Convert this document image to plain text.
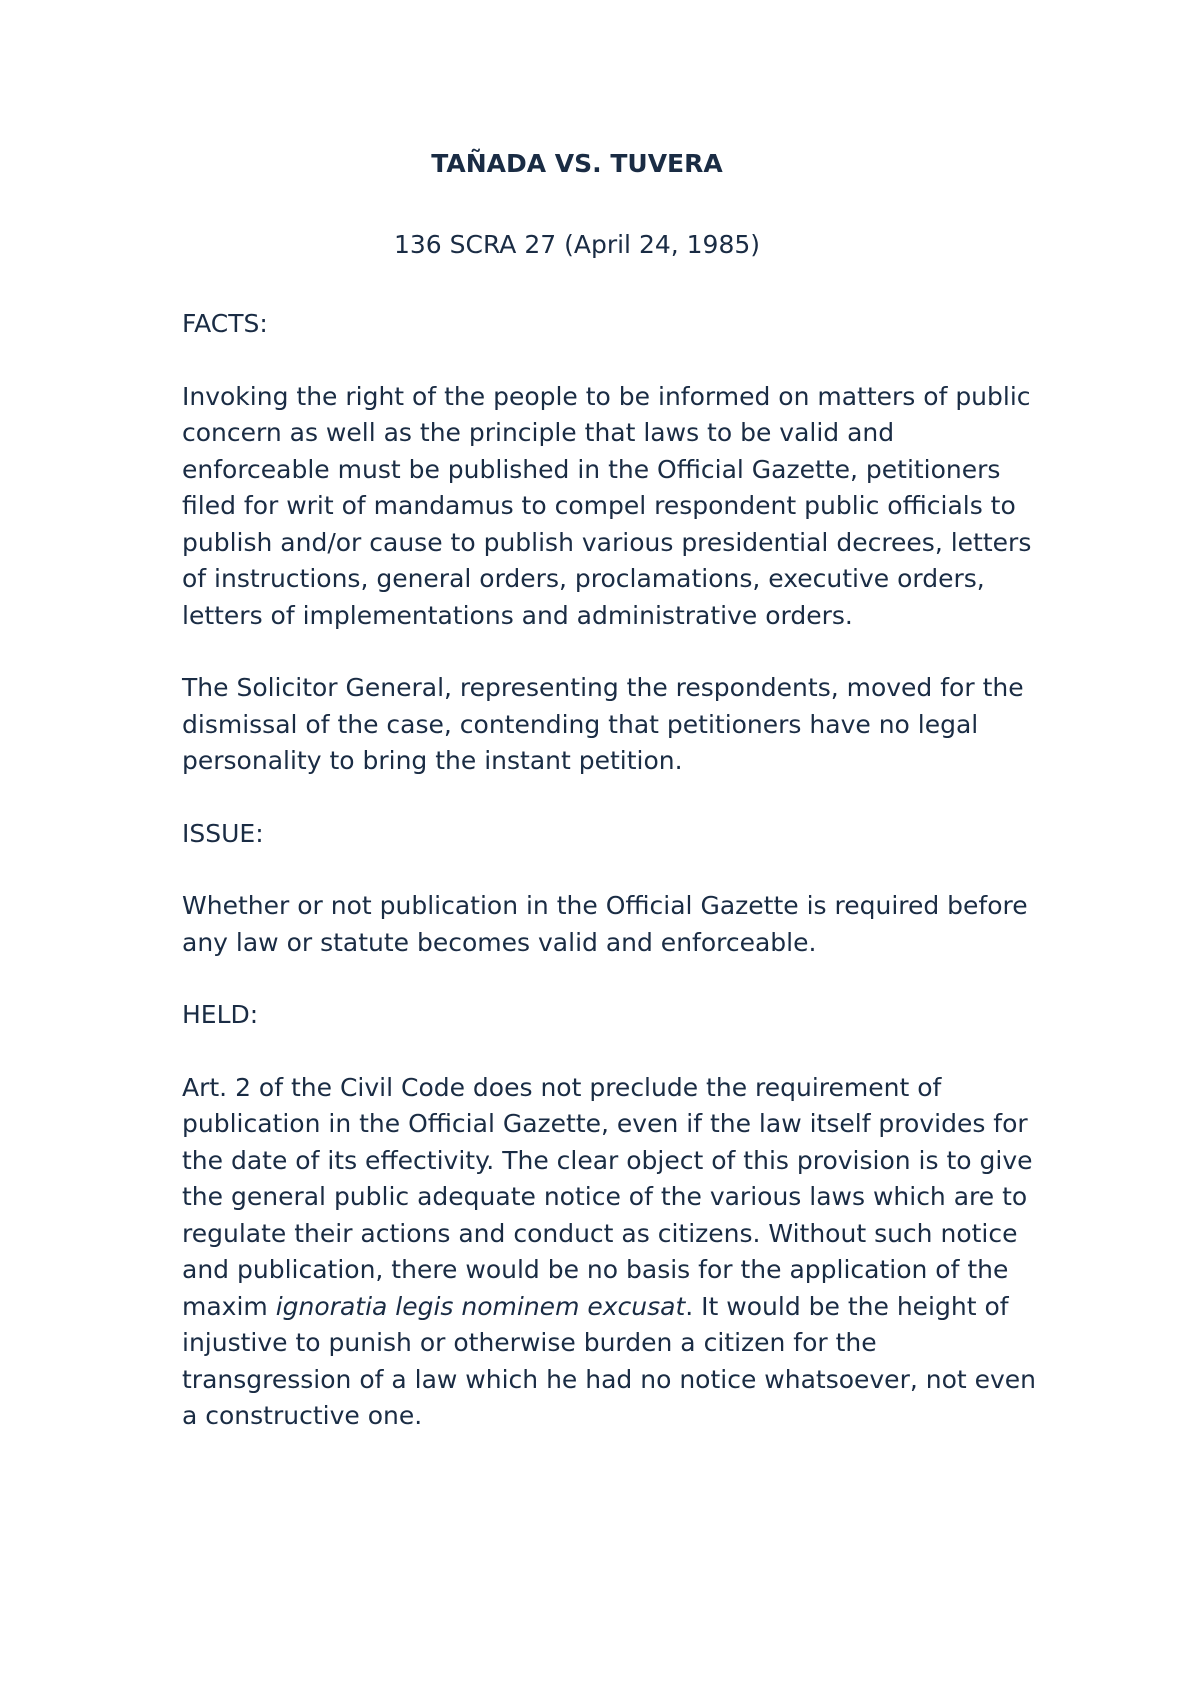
TAÑADA VS. TUVERA

136 SCRA 27 (April 24, 1985)

FACTS:

Invoking the right of the people to be informed on matters of public concern as well as the principle that laws to be valid and enforceable must be published in the Official Gazette, petitioners filed for writ of mandamus to compel respondent public officials to publish and/or cause to publish various presidential decrees, letters of instructions, general orders, proclamations, executive orders, letters of implementations and administrative orders.

The Solicitor General, representing the respondents, moved for the dismissal of the case, contending that petitioners have no legal personality to bring the instant petition.

ISSUE:

Whether or not publication in the Official Gazette is required before any law or statute becomes valid and enforceable.

HELD:

Art. 2 of the Civil Code does not preclude the requirement of publication in the Official Gazette, even if the law itself provides for the date of its effectivity. The clear object of this provision is to give the general public adequate notice of the various laws which are to regulate their actions and conduct as citizens. Without such notice and publication, there would be no basis for the application of the maxim ignoratia legis nominem excusat. It would be the height of injustive to punish or otherwise burden a citizen for the transgression of a law which he had no notice whatsoever, not even a constructive one.
